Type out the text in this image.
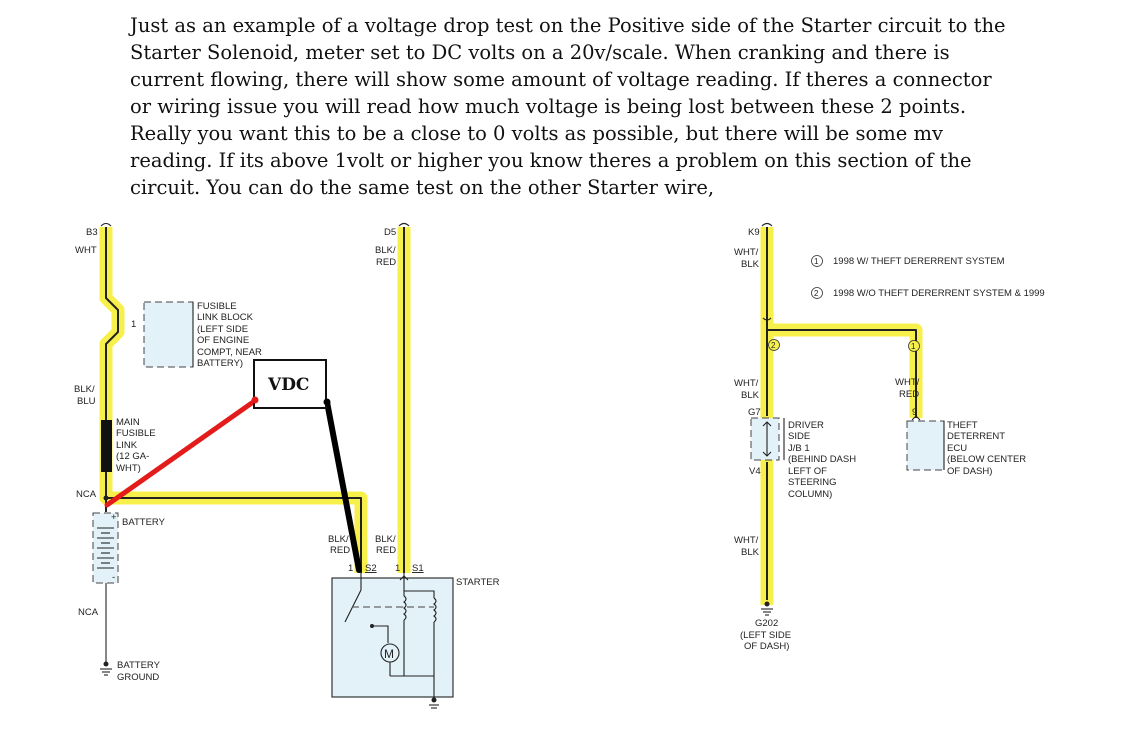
Just as an example of a voltage drop test on the Positive side of the Starter circuit to the Starter Solenoid, meter set to DC volts on a 20v/scale. When cranking and there is current flowing, there will show some amount of voltage reading. If theres a connector or wiring issue you will read how much voltage is being lost between these 2 points. Really you want this to be a close to 0 volts as possible, but there will be some mv reading. If its above 1volt or higher you know theres a problem on this section of the circuit. You can do the same test on the other Starter wire,

B3
WHT
1
FUSIBLE LINK BLOCK (LEFT SIDE OF ENGINE COMPT, NEAR BATTERY)
BLK/ BLU
MAIN FUSIBLE LINK (12 GA- WHT)
NCA
+ BATTERY
-
NCA
BATTERY GROUND
D5
BLK/ RED
BLK/ RED
BLK/ RED
1 S2 1 S1
STARTER
M
VDC
2	1
K9
WHT/ BLK	1 1998 W/ THEFT DERERRENT SYSTEM
2 1998 W/O THEFT DERERRENT SYSTEM & 1999
WHT/ BLK
WHT/ RED
G7	9
DRIVER SIDE J/B 1 (BEHIND DASH LEFT OF STEERING COLUMN)
THEFT DETERRENT ECU (BELOW CENTER OF DASH)
V4
WHT/ BLK
G202 (LEFT SIDE OF DASH)
